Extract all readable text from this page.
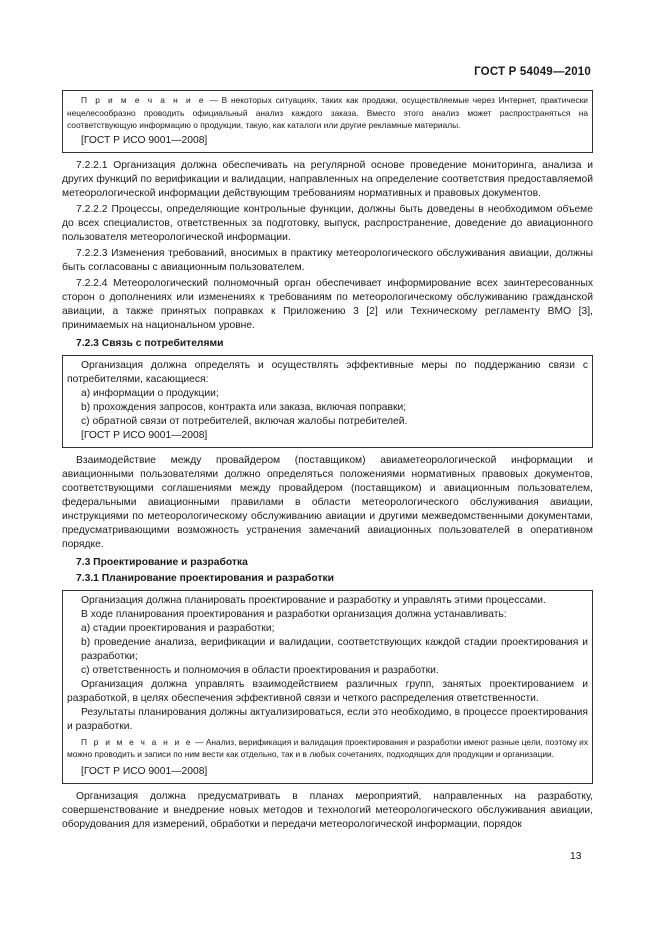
ГОСТ Р 54049—2010

П р и м е ч а н и е — В некоторых ситуациях, таких как продажи, осуществляемые через Интернет, практически нецелесообразно проводить официальный анализ каждого заказа. Вместо этого анализ может распространяться на соответствующую информацию о продукции, такую, как каталоги или другие рекламные материалы.

[ГОСТ Р ИСО 9001—2008]

7.2.2.1 Организация должна обеспечивать на регулярной основе проведение мониторинга, анализа и других функций по верификации и валидации, направленных на определение соответствия предоставляемой метеорологической информации действующим требованиям нормативных и правовых документов.

7.2.2.2 Процессы, определяющие контрольные функции, должны быть доведены в необходимом объеме до всех специалистов, ответственных за подготовку, выпуск, распространение, доведение до авиационного пользователя метеорологической информации.

7.2.2.3 Изменения требований, вносимых в практику метеорологического обслуживания авиации, должны быть согласованы с авиационным пользователем.

7.2.2.4 Метеорологический полномочный орган обеспечивает информирование всех заинтересованных сторон о дополнениях или изменениях к требованиям по метеорологическому обслуживанию гражданской авиации, а также принятых поправках к Приложению 3 [2] или Техническому регламенту ВМО [3], принимаемых на национальном уровне.

7.2.3 Связь с потребителями

Организация должна определять и осуществлять эффективные меры по поддержанию связи с потребителями, касающиеся:

a) информации о продукции;

b) прохождения запросов, контракта или заказа, включая поправки;

c) обратной связи от потребителей, включая жалобы потребителей.

[ГОСТ Р ИСО 9001—2008]

Взаимодействие между провайдером (поставщиком) авиаметеорологической информации и авиационными пользователями должно определяться положениями нормативных правовых документов, соответствующими соглашениями между провайдером (поставщиком) и авиационным пользователем, федеральными авиационными правилами в области метеорологического обслуживания авиации, инструкциями по метеорологическому обслуживанию авиации и другими межведомственными документами, предусматривающими возможность устранения замечаний авиационных пользователей в оперативном порядке.

7.3 Проектирование и разработка

7.3.1 Планирование проектирования и разработки

Организация должна планировать проектирование и разработку и управлять этими процессами.

В ходе планирования проектирования и разработки организация должна устанавливать:

a) стадии проектирования и разработки;

b) проведение анализа, верификации и валидации, соответствующих каждой стадии проектирования и разработки;

c) ответственность и полномочия в области проектирования и разработки.

Организация должна управлять взаимодействием различных групп, занятых проектированием и разработкой, в целях обеспечения эффективной связи и четкого распределения ответственности.

Результаты планирования должны актуализироваться, если это необходимо, в процессе проектирования и разработки.

П р и м е ч а н и е — Анализ, верификация и валидация проектирования и разработки имеют разные цели, поэтому их можно проводить и записи по ним вести как отдельно, так и в любых сочетаниях, подходящих для продукции и организации.

[ГОСТ Р ИСО 9001—2008]

Организация должна предусматривать в планах мероприятий, направленных на разработку, совершенствование и внедрение новых методов и технологий метеорологического обслуживания авиации, оборудования для измерений, обработки и передачи метеорологической информации, порядок

13
